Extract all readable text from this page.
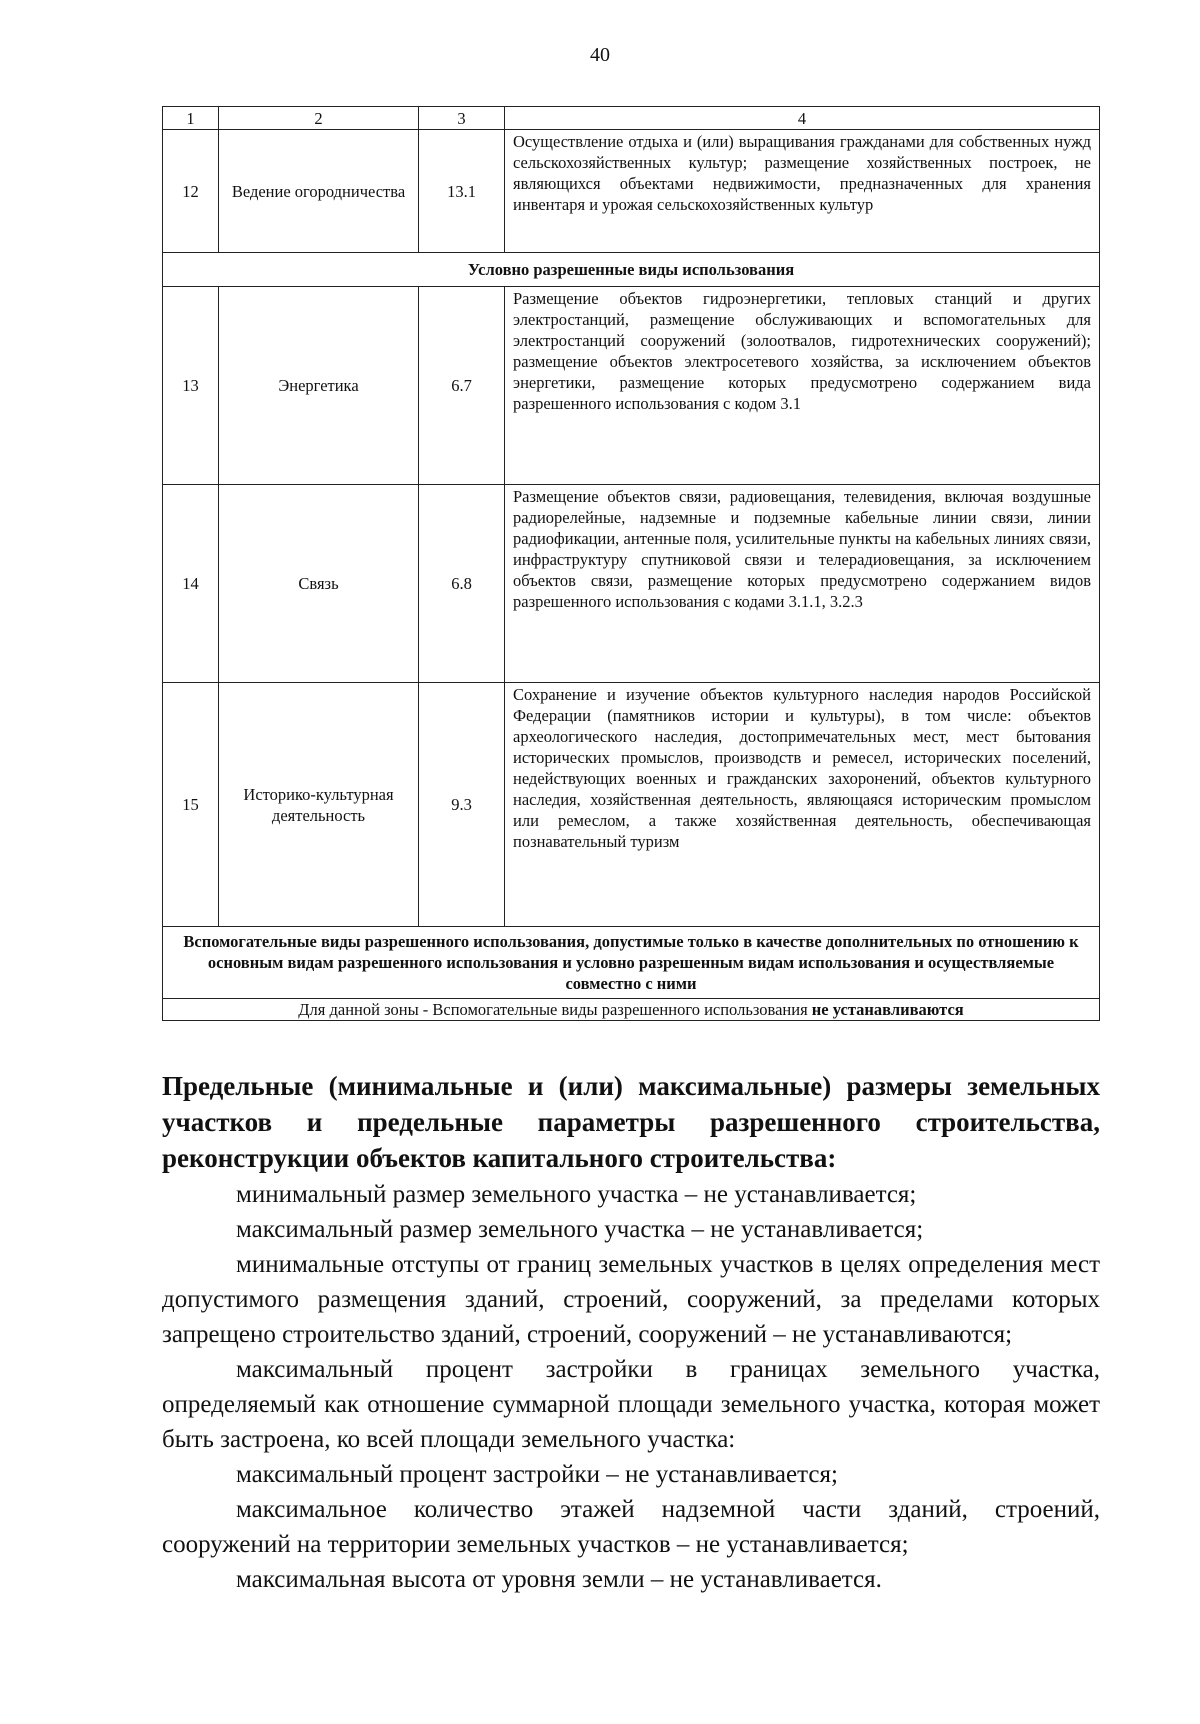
40
1	2	3	4
12	Ведение огородничества	13.1	Осуществление отдыха и (или) выращивания гражданами для собственных нужд сельскохозяйственных культур; размещение хозяйственных построек, не являющихся объектами недвижимости, предназначенных для хранения инвентаря и урожая сельскохозяйственных культур
Условно разрешенные виды использования			
13	Энергетика	6.7	Размещение объектов гидроэнергетики, тепловых станций и других электростанций, размещение обслуживающих и вспомогательных для электростанций сооружений (золоотвалов, гидротехнических сооружений); размещение объектов электросетевого хозяйства, за исключением объектов энергетики, размещение которых предусмотрено содержанием вида разрешенного использования с кодом 3.1
14	Связь	6.8	Размещение объектов связи, радиовещания, телевидения, включая воздушные радиорелейные, надземные и подземные кабельные линии связи, линии радиофикации, антенные поля, усилительные пункты на кабельных линиях связи, инфраструктуру спутниковой связи и телерадиовещания, за исключением объектов связи, размещение которых предусмотрено содержанием видов разрешенного использования с кодами 3.1.1, 3.2.3
15	Историко-культурная деятельность	9.3	Сохранение и изучение объектов культурного наследия народов Российской Федерации (памятников истории и культуры), в том числе: объектов археологического наследия, достопримечательных мест, мест бытования исторических промыслов, производств и ремесел, исторических поселений, недействующих военных и гражданских захоронений, объектов культурного наследия, хозяйственная деятельность, являющаяся историческим промыслом или ремеслом, а также хозяйственная деятельность, обеспечивающая познавательный туризм
Вспомогательные виды разрешенного использования, допустимые только в качестве дополнительных по отношению к основным видам разрешенного использования и условно разрешенным видам использования и осуществляемые совместно с ними			
Для данной зоны - Вспомогательные виды разрешенного использования не устанавливаются			

Предельные (минимальные и (или) максимальные) размеры земельных участков и предельные параметры разрешенного строительства, реконструкции объектов капитального строительства:

минимальный размер земельного участка – не устанавливается;

максимальный размер земельного участка – не устанавливается;

минимальные отступы от границ земельных участков в целях определения мест допустимого размещения зданий, строений, сооружений, за пределами которых запрещено строительство зданий, строений, сооружений – не устанавливаются;

максимальный процент застройки в границах земельного участка, определяемый как отношение суммарной площади земельного участка, которая может быть застроена, ко всей площади земельного участка:

максимальный процент застройки – не устанавливается;

максимальное количество этажей надземной части зданий, строений, сооружений на территории земельных участков – не устанавливается;

максимальная высота от уровня земли – не устанавливается.
